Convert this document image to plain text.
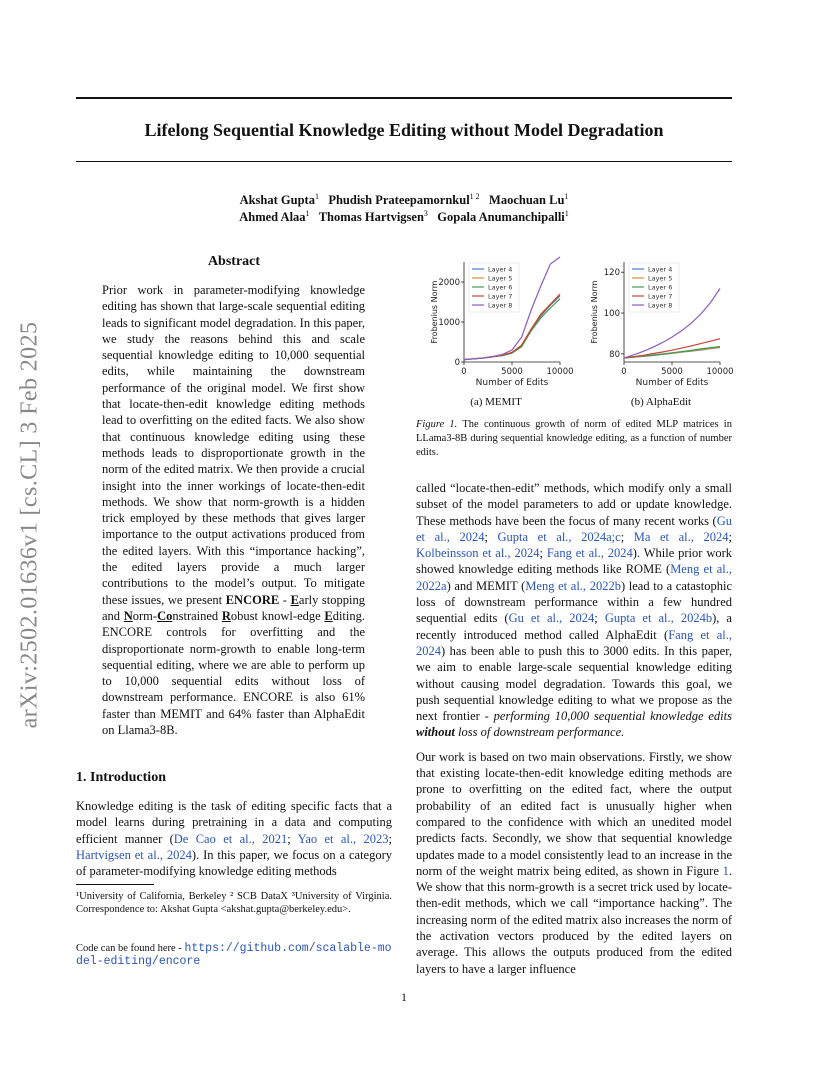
Lifelong Sequential Knowledge Editing without Model Degradation
Akshat Gupta$^1$ Phudish Prateepamornkul$^{1 2}$ Maochuan Lu$^1$
Ahmed Alaa$^1$ Thomas Hartvigsen$^3$ Gopala Anumanchipalli$^1$
arXiv:2502.01636v1 [cs.CL] 3 Feb 2025
Abstract

Prior work in parameter-modifying knowledge editing has shown that large-scale sequential editing leads to significant model degradation. In this paper, we study the reasons behind this and scale sequential knowledge editing to 10,000 sequential edits, while maintaining the downstream performance of the original model. We first show that locate-then-edit knowledge editing methods lead to overfitting on the edited facts. We also show that continuous knowledge editing using these methods leads to disproportionate growth in the norm of the edited matrix. We then provide a crucial insight into the inner workings of locate-then-edit methods. We show that norm-growth is a hidden trick employed by these methods that gives larger importance to the output activations produced from the edited layers. With this “importance hacking”, the edited layers provide a much larger contributions to the model’s output. To mitigate these issues, we present ENCORE - Early stopping and Norm-Constrained Robust knowl-edge Editing. ENCORE controls for overfitting and the disproportionate norm-growth to enable long-term sequential editing, where we are able to perform up to 10,000 sequential edits without loss of downstream performance. ENCORE is also 61% faster than MEMIT and 64% faster than AlphaEdit on Llama3-8B.

1. Introduction

Knowledge editing is the task of editing specific facts that a model learns during pretraining in a data and computing efficient manner (De Cao et al., 2021; Yao et al., 2023; Hartvigsen et al., 2024). In this paper, we focus on a category of parameter-modifying knowledge editing methods

¹University of California, Berkeley ² SCB DataX ³University of Virginia. Correspondence to: Akshat Gupta <akshat.gupta@berkeley.edu>.
Code can be found here - https://github.com/scalable-model-editing/encore
0
1000
2000
0	5000	10000
Number of Edits
Frobenius Norm
Layer 4
Layer 5
Layer 6
Layer 7
Layer 8
80
100
120
0	5000	10000
Number of Edits
Frobenius Norm
Layer 4
Layer 5
Layer 6
Layer 7
Layer 8
(a) MEMIT	(b) AlphaEdit
Figure 1. The continuous growth of norm of edited MLP matrices in LLama3-8B during sequential knowledge editing, as a function of number edits.

called “locate-then-edit” methods, which modify only a small subset of the model parameters to add or update knowledge. These methods have been the focus of many recent works (Gu et al., 2024; Gupta et al., 2024a;c; Ma et al., 2024; Kolbeinsson et al., 2024; Fang et al., 2024). While prior work showed knowledge editing methods like ROME (Meng et al., 2022a) and MEMIT (Meng et al., 2022b) lead to a catastophic loss of downstream performance within a few hundred sequential edits (Gu et al., 2024; Gupta et al., 2024b), a recently introduced method called AlphaEdit (Fang et al., 2024) has been able to push this to 3000 edits. In this paper, we aim to enable large-scale sequential knowledge editing without causing model degradation. Towards this goal, we push sequential knowledge editing to what we propose as the next frontier - performing 10,000 sequential knowledge edits without loss of downstream performance.

Our work is based on two main observations. Firstly, we show that existing locate-then-edit knowledge editing methods are prone to overfitting on the edited fact, where the output probability of an edited fact is unusually higher when compared to the confidence with which an unedited model predicts facts. Secondly, we show that sequential knowledge updates made to a model consistently lead to an increase in the norm of the weight matrix being edited, as shown in Figure 1. We show that this norm-growth is a secret trick used by locate-then-edit methods, which we call “importance hacking”. The increasing norm of the edited matrix also increases the norm of the activation vectors produced by the edited layers on average. This allows the outputs produced from the edited layers to have a larger influence

1
